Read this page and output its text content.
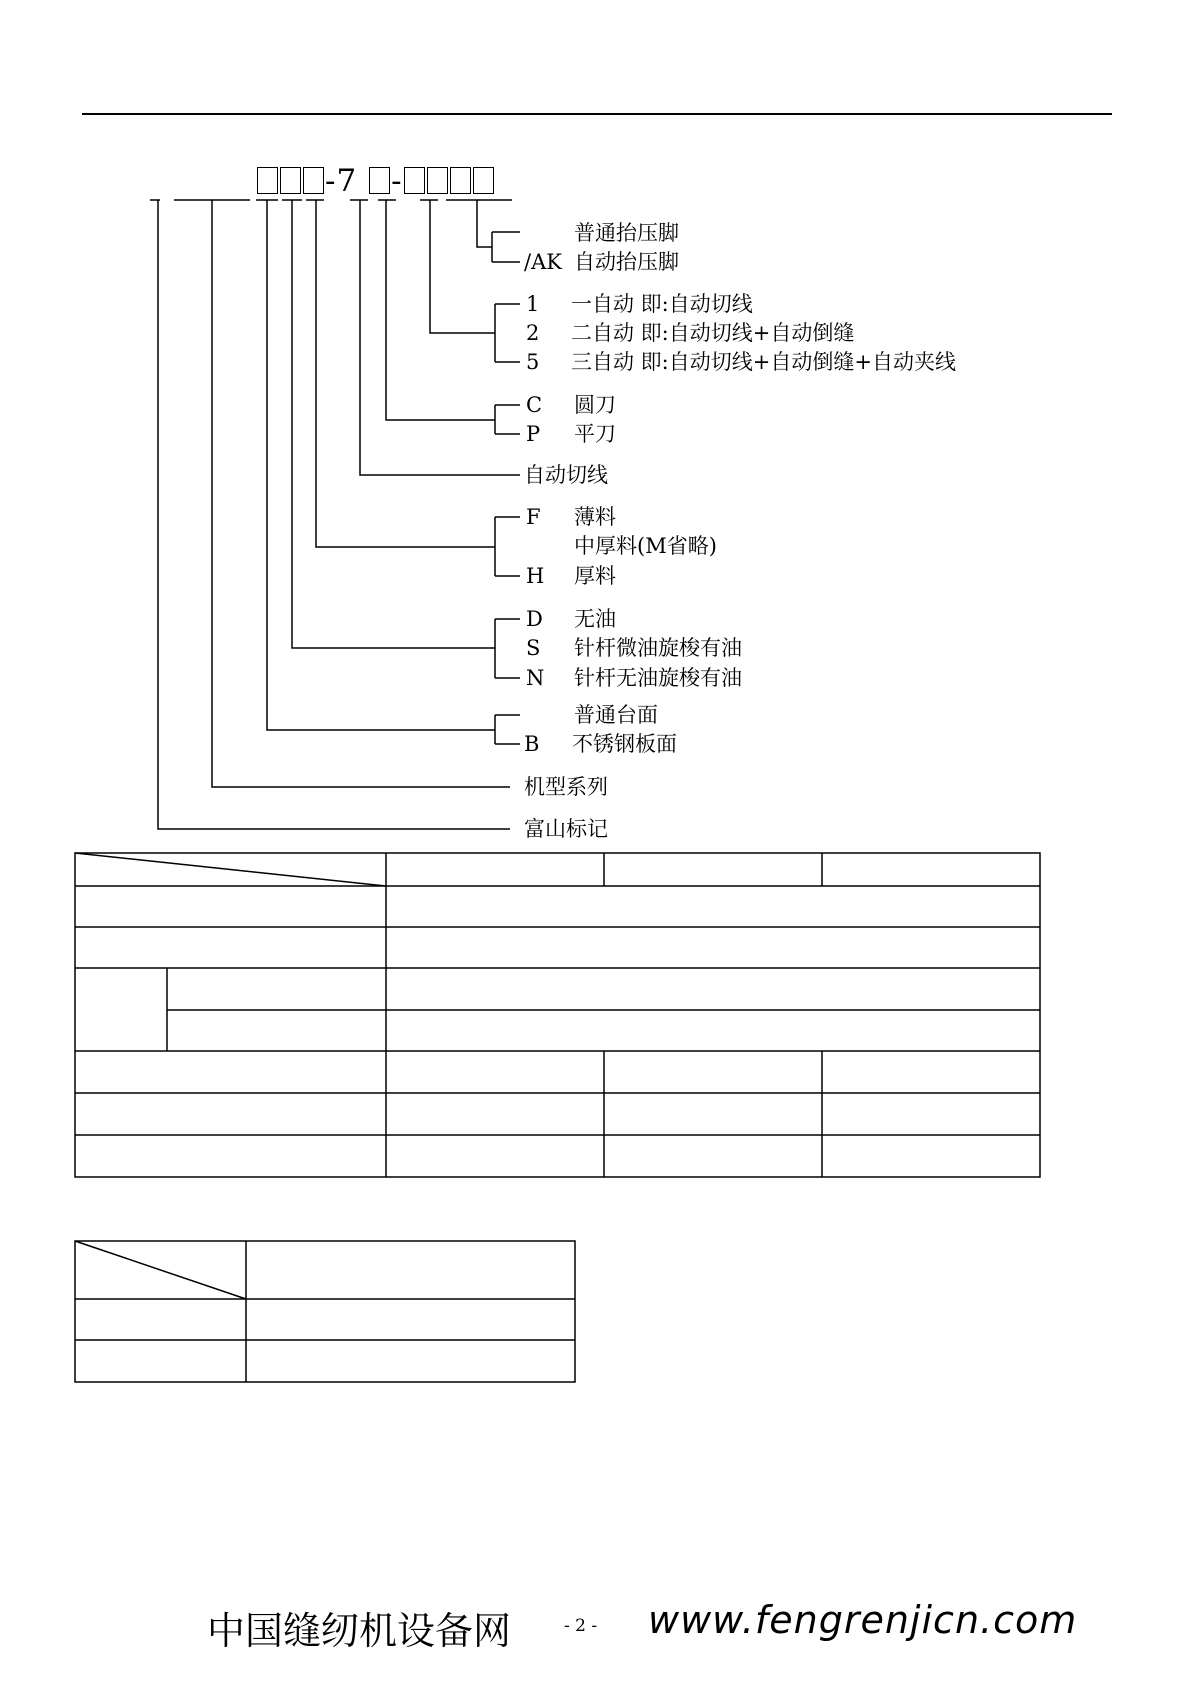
-7 -
普通抬压脚
/AK 自动抬压脚
1 一自动 即:自动切线
2 二自动 即:自动切线+自动倒缝
5 三自动 即:自动切线+自动倒缝+自动夹线
C 圆刀
P 平刀
自动切线
F 薄料
中厚料(M省略)
H 厚料
D 无油
S 针杆微油旋梭有油
N 针杆无油旋梭有油
普通台面
B 不锈钢板面
机型系列
富山标记
中国缝纫机设备网	- 2 - www.fengrenjicn.com
